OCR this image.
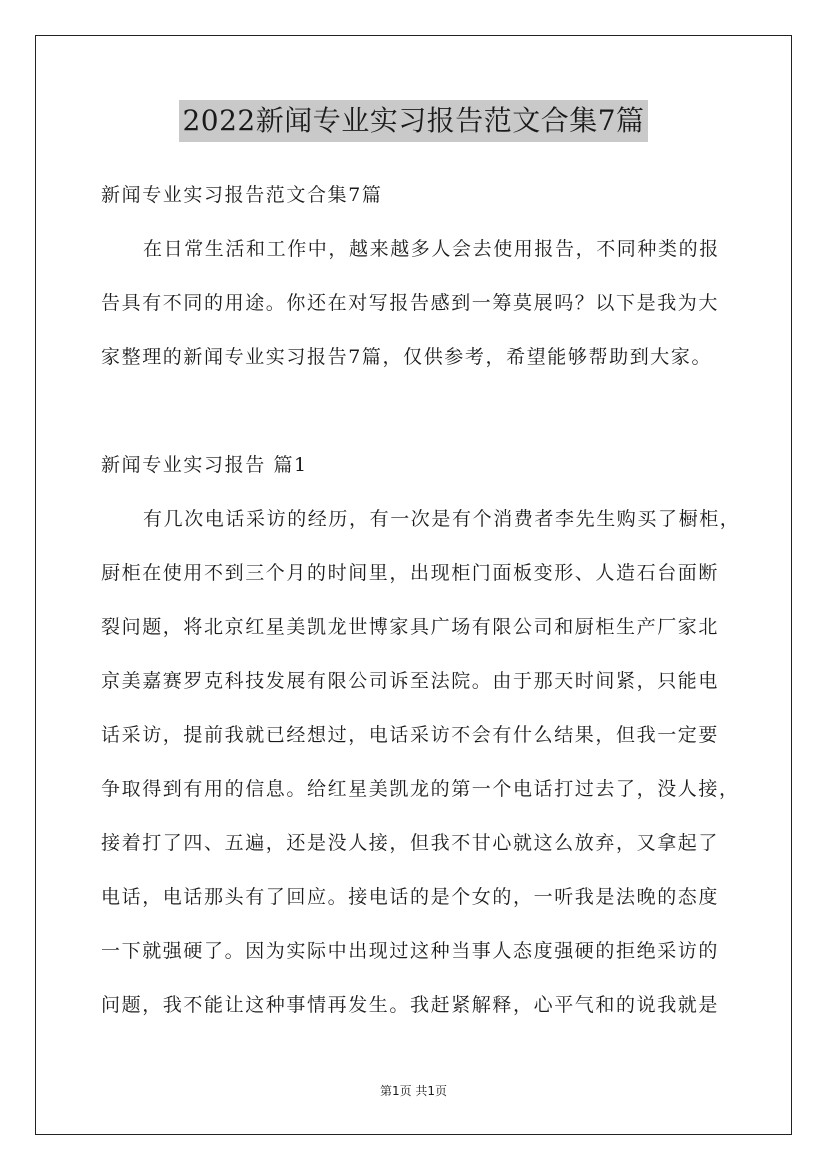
2022新闻专业实习报告范文合集7篇
新闻专业实习报告范文合集7篇
在日常生活和工作中，越来越多人会去使用报告，不同种类的报
告具有不同的用途。你还在对写报告感到一筹莫展吗？以下是我为大
家整理的新闻专业实习报告7篇，仅供参考，希望能够帮助到大家。
新闻专业实习报告 篇1
有几次电话采访的经历，有一次是有个消费者李先生购买了橱柜，
厨柜在使用不到三个月的时间里，出现柜门面板变形、人造石台面断
裂问题，将北京红星美凯龙世博家具广场有限公司和厨柜生产厂家北
京美嘉赛罗克科技发展有限公司诉至法院。由于那天时间紧，只能电
话采访，提前我就已经想过，电话采访不会有什么结果，但我一定要
争取得到有用的信息。给红星美凯龙的第一个电话打过去了，没人接，
接着打了四、五遍，还是没人接，但我不甘心就这么放弃，又拿起了
电话，电话那头有了回应。接电话的是个女的，一听我是法晚的态度
一下就强硬了。因为实际中出现过这种当事人态度强硬的拒绝采访的
问题，我不能让这种事情再发生。我赶紧解释，心平气和的说我就是
第1页 共1页
